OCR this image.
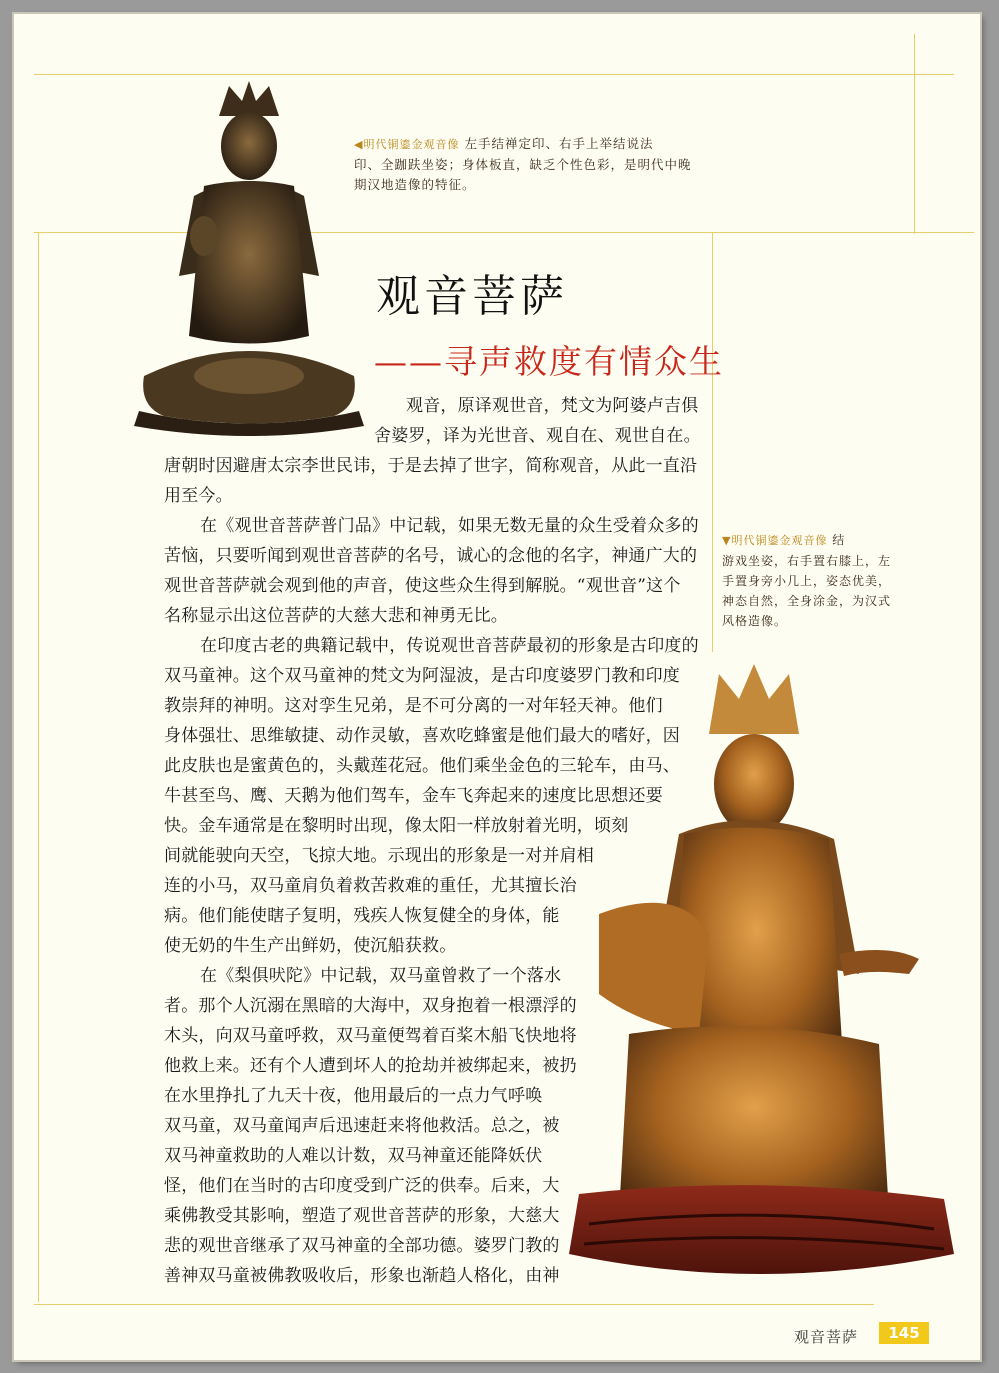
◀明代铜鎏金观音像 左手结禅定印、右手上举结说法
印、全跏趺坐姿；身体板直，缺乏个性色彩，是明代中晚
期汉地造像的特征。
▼明代铜鎏金观音像 结
游戏坐姿，右手置右膝上，左
手置身旁小几上，姿态优美，
神态自然，全身涂金，为汉式
风格造像。
观音菩萨
——寻声救度有情众生
观音，原译观世音，梵文为阿婆卢吉俱
舍婆罗，译为光世音、观自在、观世自在。
唐朝时因避唐太宗李世民讳，于是去掉了世字，简称观音，从此一直沿
用至今。
在《观世音菩萨普门品》中记载，如果无数无量的众生受着众多的
苦恼，只要听闻到观世音菩萨的名号，诚心的念他的名字，神通广大的
观世音菩萨就会观到他的声音，使这些众生得到解脱。“观世音”这个
名称显示出这位菩萨的大慈大悲和神勇无比。
在印度古老的典籍记载中，传说观世音菩萨最初的形象是古印度的
双马童神。这个双马童神的梵文为阿湿波，是古印度婆罗门教和印度
教崇拜的神明。这对孪生兄弟，是不可分离的一对年轻天神。他们
身体强壮、思维敏捷、动作灵敏，喜欢吃蜂蜜是他们最大的嗜好，因
此皮肤也是蜜黄色的，头戴莲花冠。他们乘坐金色的三轮车，由马、
牛甚至鸟、鹰、天鹅为他们驾车，金车飞奔起来的速度比思想还要
快。金车通常是在黎明时出现，像太阳一样放射着光明，顷刻
间就能驶向天空，飞掠大地。示现出的形象是一对并肩相
连的小马，双马童肩负着救苦救难的重任，尤其擅长治
病。他们能使瞎子复明，残疾人恢复健全的身体，能
使无奶的牛生产出鲜奶，使沉船获救。
在《梨俱吠陀》中记载，双马童曾救了一个落水
者。那个人沉溺在黑暗的大海中，双身抱着一根漂浮的
木头，向双马童呼救，双马童便驾着百桨木船飞快地将
他救上来。还有个人遭到坏人的抢劫并被绑起来，被扔
在水里挣扎了九天十夜，他用最后的一点力气呼唤
双马童，双马童闻声后迅速赶来将他救活。总之，被
双马神童救助的人难以计数，双马神童还能降妖伏
怪，他们在当时的古印度受到广泛的供奉。后来，大
乘佛教受其影响，塑造了观世音菩萨的形象，大慈大
悲的观世音继承了双马神童的全部功德。婆罗门教的
善神双马童被佛教吸收后，形象也渐趋人格化，由神
观音菩萨	145
